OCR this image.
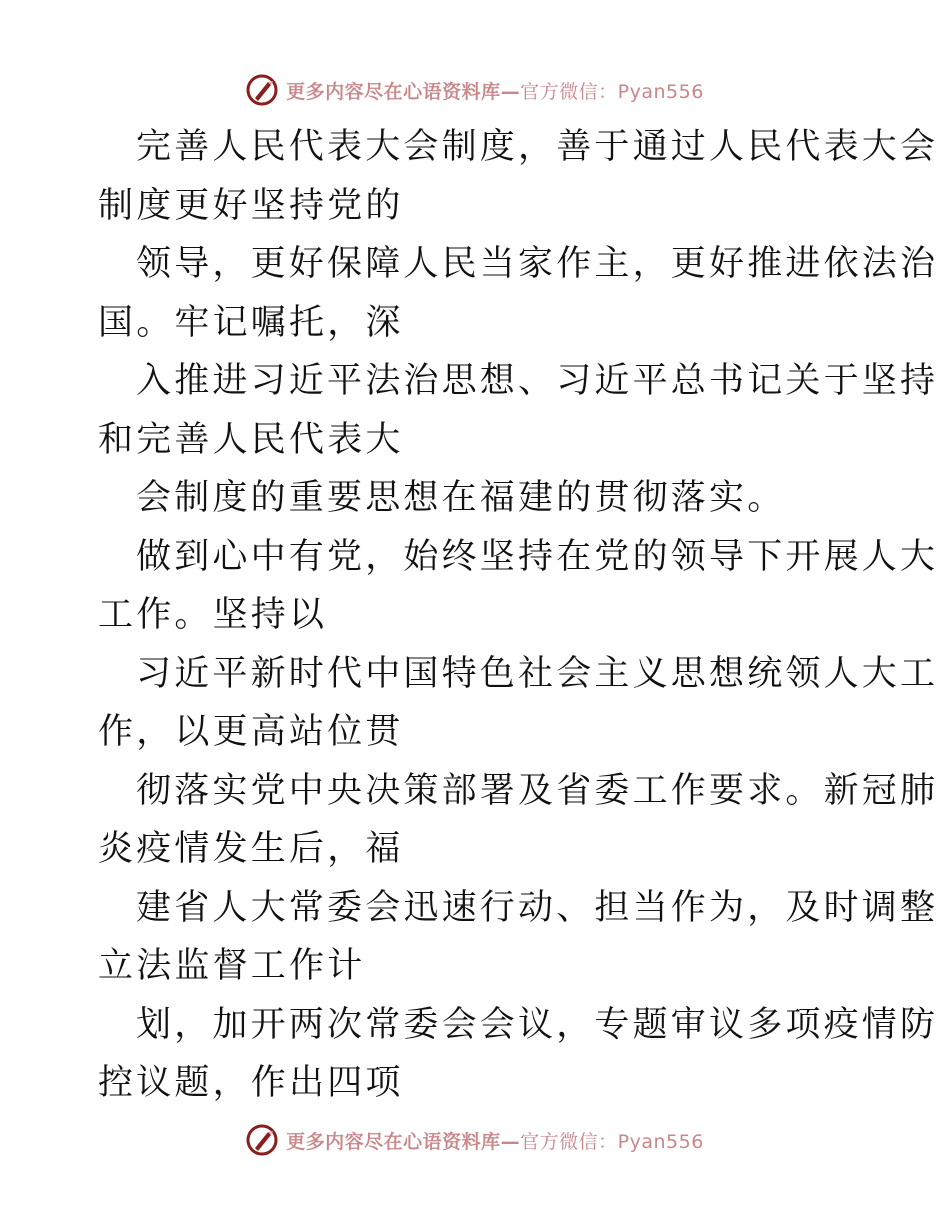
更多内容尽在心语资料库—官方微信：Pyan556

完善人民代表大会制度，善于通过人民代表大会
制度更好坚持党的

领导，更好保障人民当家作主，更好推进依法治
国。牢记嘱托，深

入推进习近平法治思想、习近平总书记关于坚持
和完善人民代表大

会制度的重要思想在福建的贯彻落实。

做到心中有党，始终坚持在党的领导下开展人大
工作。坚持以

习近平新时代中国特色社会主义思想统领人大工
作，以更高站位贯

彻落实党中央决策部署及省委工作要求。新冠肺
炎疫情发生后，福

建省人大常委会迅速行动、担当作为，及时调整
立法监督工作计

划，加开两次常委会会议，专题审议多项疫情防
控议题，作出四项

更多内容尽在心语资料库—官方微信：Pyan556
